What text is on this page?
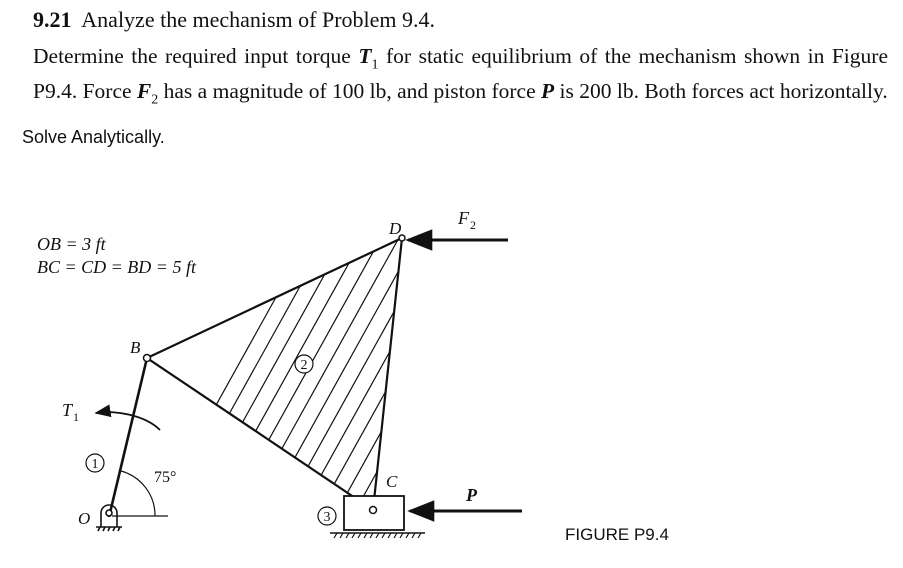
9.21 Analyze the mechanism of Problem 9.4.
Determine the required input torque $T_1$ for static equilibrium of the mechanism shown in Figure P9.4. Force $F_2$ has a magnitude of 100 lb, and piston force P is 200 lb. Both forces act horizontally.
Solve Analytically.
1
2
3
OB = 3 ft
BC = CD = BD = 5 ft
B
D
C
O
75°
T 1
F 2
P
FIGURE P9.4
